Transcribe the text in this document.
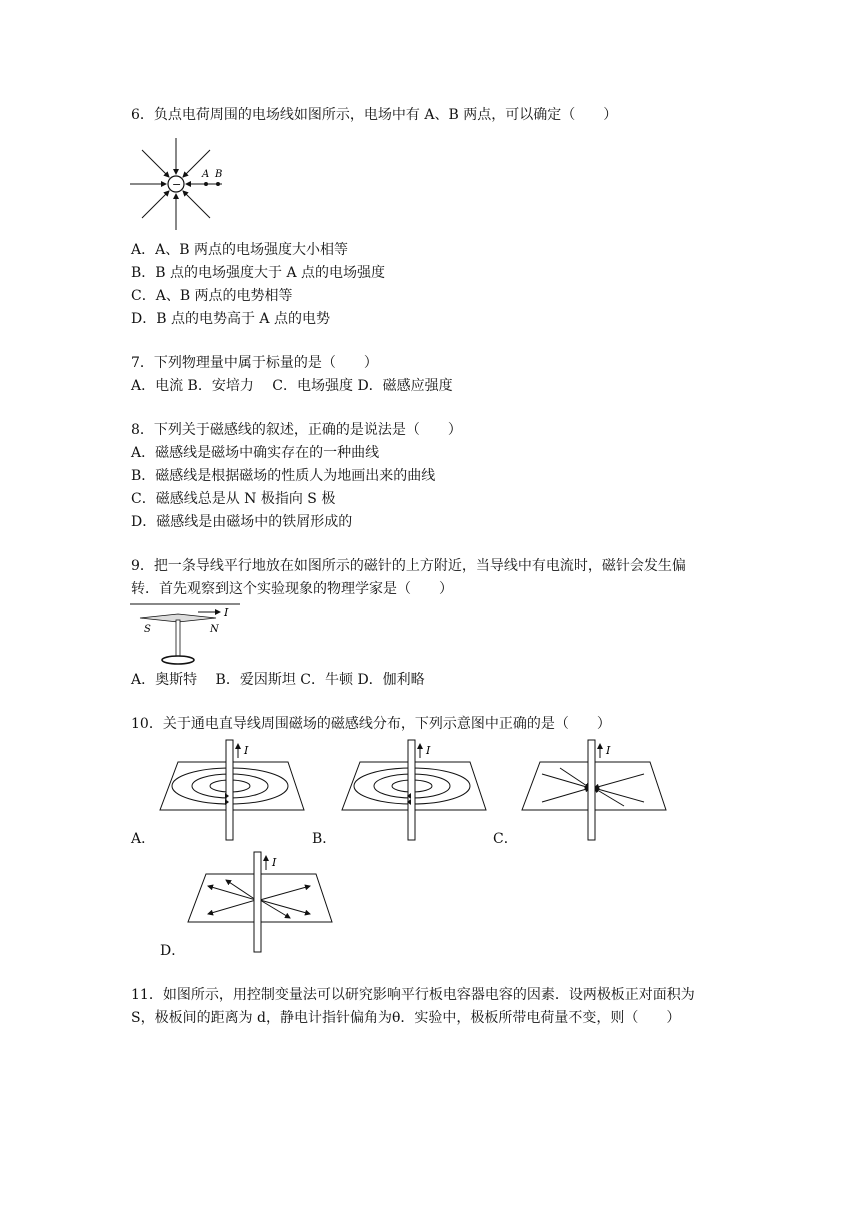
6．负点电荷周围的电场线如图所示，电场中有 A、B 两点，可以确定（　　）
−
A B
A．A、B 两点的电场强度大小相等
B．B 点的电场强度大于 A 点的电场强度
C．A、B 两点的电势相等
D．B 点的电势高于 A 点的电势
7．下列物理量中属于标量的是（　　）
A．电流 B．安培力　 C．电场强度 D．磁感应强度
8．下列关于磁感线的叙述，正确的是说法是（　　）
A．磁感线是磁场中确实存在的一种曲线
B．磁感线是根据磁场的性质人为地画出来的曲线
C．磁感线总是从 N 极指向 S 极
D．磁感线是由磁场中的铁屑形成的
9．把一条导线平行地放在如图所示的磁针的上方附近，当导线中有电流时，磁针会发生偏
转．首先观察到这个实验现象的物理学家是（　　）
I
S	N
A．奥斯特　 B．爱因斯坦 C．牛顿 D．伽利略
10．关于通电直导线周围磁场的磁感线分布，下列示意图中正确的是（　　）
I
A．
I
B．
I
C．
I
D．
11．如图所示，用控制变量法可以研究影响平行板电容器电容的因素．设两极板正对面积为
S，极板间的距离为 d，静电计指针偏角为θ．实验中，极板所带电荷量不变，则（　　）
